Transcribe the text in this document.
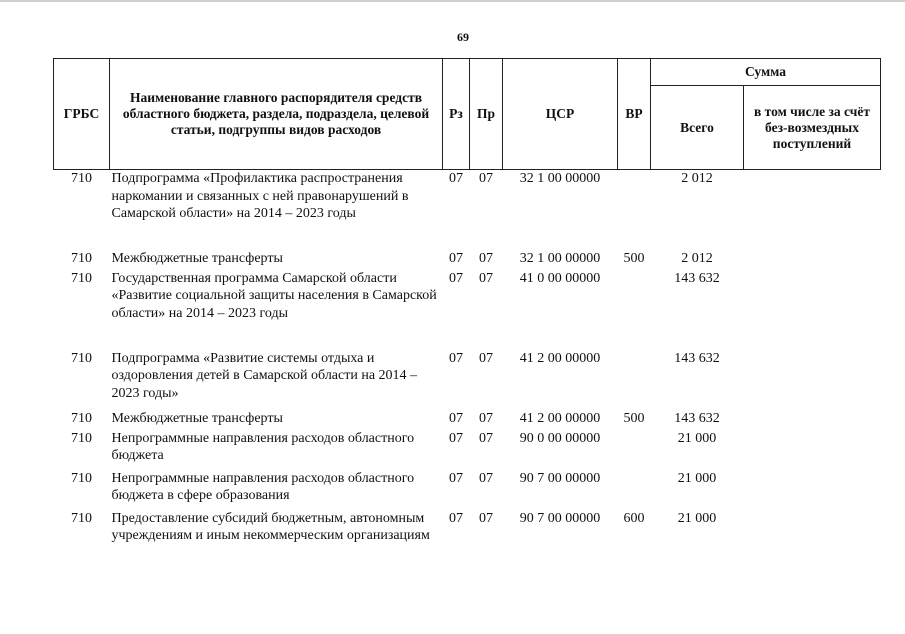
69
ГРБС	Наименование главного распорядителя средств областного бюджета, раздела, подраздела, целевой статьи, подгруппы видов расходов	Рз	Пр	ЦСР	ВР	Сумма	
						Всего	в том числе за счёт без-возмездных поступлений
710	Подпрограмма «Профилактика распространения наркомании и связанных с ней правонарушений в Самарской области» на 2014 – 2023 годы	07	07	32 1 00 00000		2 012	
710	Межбюджетные трансферты	07	07	32 1 00 00000	500	2 012	
710	Государственная программа Самарской области «Развитие социальной защиты населения в Самарской области» на 2014 – 2023 годы	07	07	41 0 00 00000		143 632	
710	Подпрограмма «Развитие системы отдыха и оздоровления детей в Самарской области на 2014 – 2023 годы»	07	07	41 2 00 00000		143 632	
710	Межбюджетные трансферты	07	07	41 2 00 00000	500	143 632	
710	Непрограммные направления расходов областного бюджета	07	07	90 0 00 00000		21 000	
710	Непрограммные направления расходов областного бюджета в сфере образования	07	07	90 7 00 00000		21 000	
710	Предоставление субсидий бюджетным, автономным учреждениям и иным некоммерческим организациям	07	07	90 7 00 00000	600	21 000	
